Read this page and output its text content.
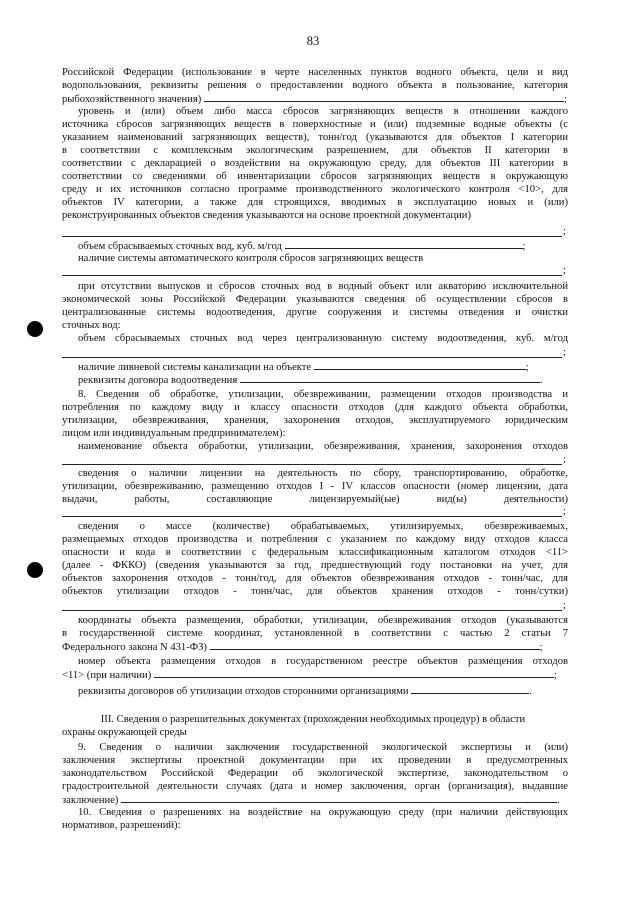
83
Российской Федерации (использование в черте населенных пунктов водного объекта, цели и вид
водопользования, реквизиты решения о предоставлении водного объекта в пользование, категория
рыбохозяйственного значения)	;
уровень и (или) объем либо масса сбросов загрязняющих веществ в отношении каждого
источника сбросов загрязняющих веществ в поверхностные и (или) подземные водные объекты (с
указанием наименований загрязняющих веществ), тонн/год (указываются для объектов I категории
в соответствии с комплексным экологическим разрешением, для объектов II категории в
соответствии с декларацией о воздействии на окружающую среду, для объектов III категории в
соответствии со сведениями об инвентаризации сбросов загрязняющих веществ в окружающую
среду и их источников согласно программе производственного экологического контроля <10>, для
объектов IV категории, а также для строящихся, вводимых в эксплуатацию новых и (или)
реконструированных объектов сведения указываются на основе проектной документации)
;
объем сбрасываемых сточных вод, куб. м/год	;
наличие системы автоматического контроля сбросов загрязняющих веществ
;
при отсутствии выпусков и сбросов сточных вод в водный объект или акваторию исключительной
экономической зоны Российской Федерации указываются сведения об осуществлении сбросов в
централизованные системы водоотведения, другие сооружения и системы отведения и очистки
сточных вод:
объем сбрасываемых сточных вод через централизованную систему водоотведения, куб. м/год
;
наличие ливневой системы канализации на объекте	;
реквизиты договора водоотведения	.
8. Сведения об обработке, утилизации, обезвреживании, размещении отходов производства и
потребления по каждому виду и классу опасности отходов (для каждого объекта обработки,
утилизации, обезвреживания, хранения, захоронения отходов, эксплуатируемого юридическим
лицом или индивидуальным предпринимателем):
наименование объекта обработки, утилизации, обезвреживания, хранения, захоронения отходов
;
сведения о наличии лицензии на деятельность по сбору, транспортированию, обработке,
утилизации, обезвреживанию, размещению отходов I - IV классов опасности (номер лицензии, дата
выдачи, работы, составляющие лицензируемый(ые) вид(ы) деятельности)
;
сведения о массе (количестве) обрабатываемых, утилизируемых, обезвреживаемых,
размещаемых отходов производства и потребления с указанием по каждому виду отходов класса
опасности и кода в соответствии с федеральным классификационным каталогом отходов <11>
(далее - ФККО) (сведения указываются за год, предшествующий году постановки на учет, для
объектов захоронения отходов - тонн/год, для объектов обезвреживания отходов - тонн/час, для
объектов утилизации отходов - тонн/час, для объектов хранения отходов - тонн/сутки)
;
координаты объекта размещения, обработки, утилизации, обезвреживания отходов (указываются
в государственной системе координат, установленной в соответствии с частью 2 статьи 7
Федерального закона N 431-ФЗ)	;
номер объекта размещения отходов в государственном реестре объектов размещения отходов
<11> (при наличии)	;
реквизиты договоров об утилизации отходов сторонними организациями	.
III. Сведения о разрешительных документах (прохождении необходимых процедур) в области
охраны окружающей среды
9. Сведения о наличии заключения государственной экологической экспертизы и (или)
заключения экспертизы проектной документации при их проведении в предусмотренных
законодательством Российской Федерации об экологической экспертизе, законодательством о
градостроительной деятельности случаях (дата и номер заключения, орган (организация), выдавшие
заключение)	.
10. Сведения о разрешениях на воздействие на окружающую среду (при наличии действующих
нормативов, разрешений):
